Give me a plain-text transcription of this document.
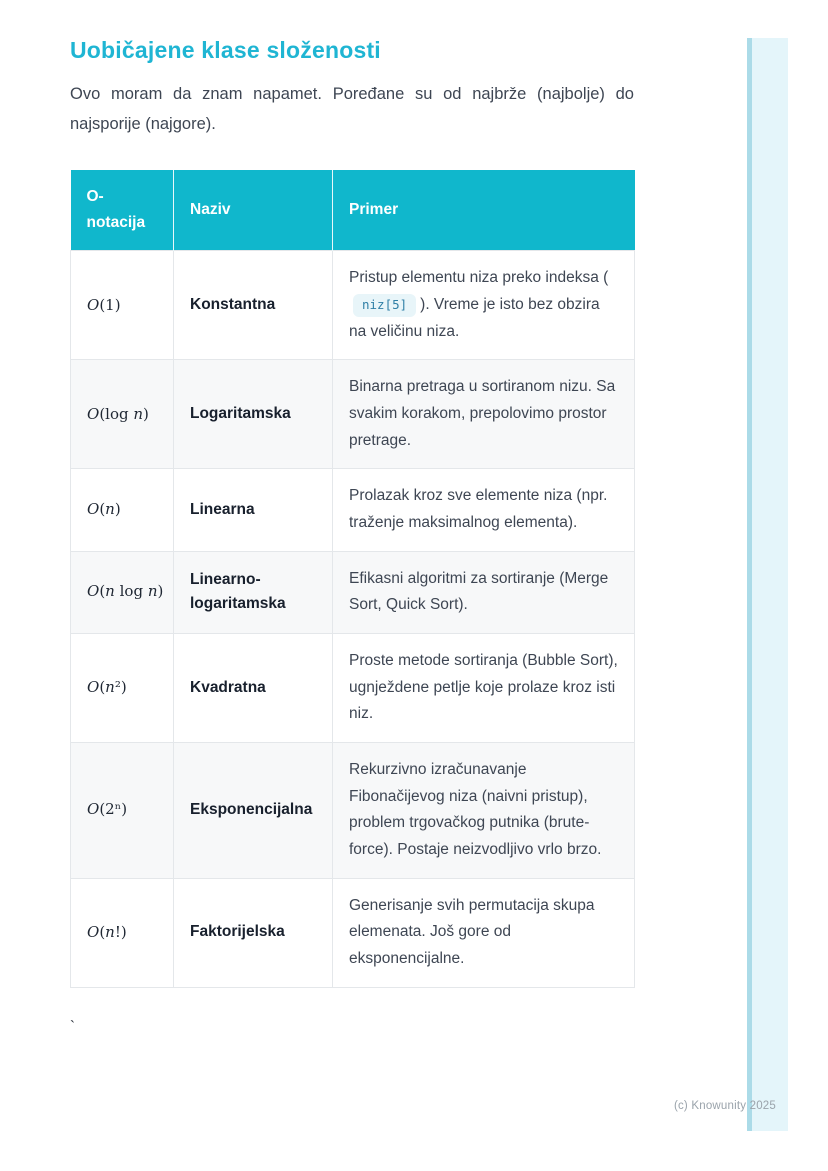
Uobičajene klase složenosti

Ovo moram da znam napamet. Poređane su od najbrže (najbolje) do najsporije (najgore).

O-notacija	Naziv	Primer
O(1)	Konstantna	Pristup elementu niza preko indeksa (niz[5] ). Vreme je isto bez obzira na veličinu niza.
O(log n)	Logaritamska	Binarna pretraga u sortiranom nizu. Sa svakim korakom, prepolovimo prostor pretrage.
O(n)	Linearna	Prolazak kroz sve elemente niza (npr. traženje maksimalnog elementa).
O(n log n)	Linearno-logaritamska	Efikasni algoritmi za sortiranje (Merge Sort, Quick Sort).
O(n²)	Kvadratna	Proste metode sortiranja (Bubble Sort), ugnježdene petlje koje prolaze kroz isti niz.
O(2ⁿ)	Eksponencijalna	Rekurzivno izračunavanje Fibonačijevog niza (naivni pristup), problem trgovačkog putnika (brute-force). Postaje neizvodljivo vrlo brzo.
O(n!)	Faktorijelska	Generisanje svih permutacija skupa elemenata. Još gore od eksponencijalne.
`
(c) Knowunity 2025
